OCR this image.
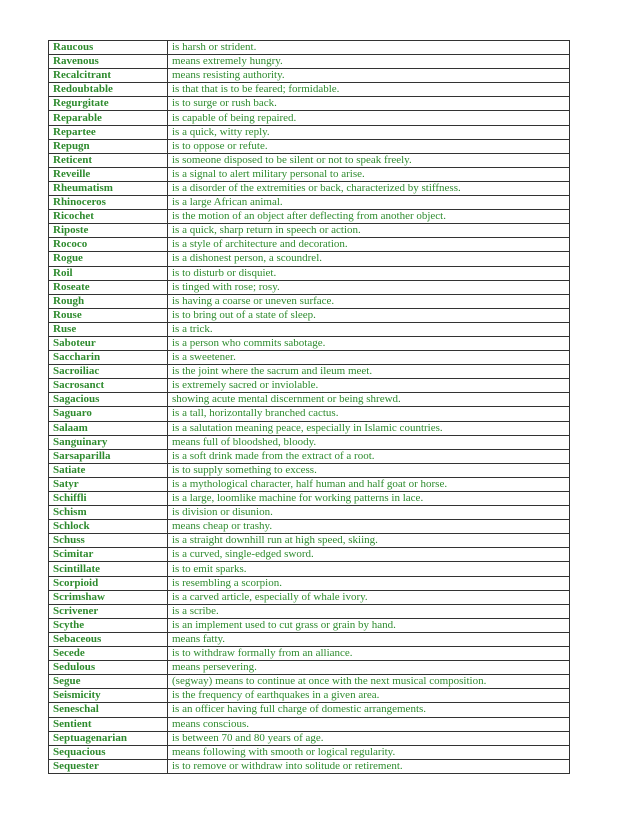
Raucous	is harsh or strident.
Ravenous	means extremely hungry.
Recalcitrant	means resisting authority.
Redoubtable	is that that is to be feared; formidable.
Regurgitate	is to surge or rush back.
Reparable	is capable of being repaired.
Repartee	is a quick, witty reply.
Repugn	is to oppose or refute.
Reticent	is someone disposed to be silent or not to speak freely.
Reveille	is a signal to alert military personal to arise.
Rheumatism	is a disorder of the extremities or back, characterized by stiffness.
Rhinoceros	is a large African animal.
Ricochet	is the motion of an object after deflecting from another object.
Riposte	is a quick, sharp return in speech or action.
Rococo	is a style of architecture and decoration.
Rogue	is a dishonest person, a scoundrel.
Roil	is to disturb or disquiet.
Roseate	is tinged with rose; rosy.
Rough	is having a coarse or uneven surface.
Rouse	is to bring out of a state of sleep.
Ruse	is a trick.
Saboteur	is a person who commits sabotage.
Saccharin	is a sweetener.
Sacroiliac	is the joint where the sacrum and ileum meet.
Sacrosanct	is extremely sacred or inviolable.
Sagacious	showing acute mental discernment or being shrewd.
Saguaro	is a tall, horizontally branched cactus.
Salaam	is a salutation meaning peace, especially in Islamic countries.
Sanguinary	means full of bloodshed, bloody.
Sarsaparilla	is a soft drink made from the extract of a root.
Satiate	is to supply something to excess.
Satyr	is a mythological character, half human and half goat or horse.
Schiffli	is a large, loomlike machine for working patterns in lace.
Schism	is division or disunion.
Schlock	means cheap or trashy.
Schuss	is a straight downhill run at high speed, skiing.
Scimitar	is a curved, single-edged sword.
Scintillate	is to emit sparks.
Scorpioid	is resembling a scorpion.
Scrimshaw	is a carved article, especially of whale ivory.
Scrivener	is a scribe.
Scythe	is an implement used to cut grass or grain by hand.
Sebaceous	means fatty.
Secede	is to withdraw formally from an alliance.
Sedulous	means persevering.
Segue	(segway) means to continue at once with the next musical composition.
Seismicity	is the frequency of earthquakes in a given area.
Seneschal	is an officer having full charge of domestic arrangements.
Sentient	means conscious.
Septuagenarian	is between 70 and 80 years of age.
Sequacious	means following with smooth or logical regularity.
Sequester	is to remove or withdraw into solitude or retirement.
